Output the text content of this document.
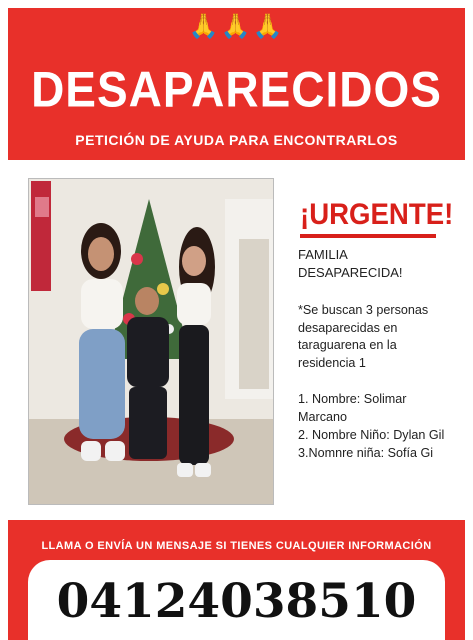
🙏🙏🙏
DESAPARECIDOS
PETICIÓN DE AYUDA PARA ENCONTRARLOS
¡URGENTE!
FAMILIA
DESAPARECIDA!
*Se buscan 3 personas
desaparecidas en
taraguarena en la
residencia 1
1. Nombre: Solimar
Marcano
2. Nombre Niño: Dylan Gil
3.Nomnre niña: Sofía Gi
LLAMA O ENVÍA UN MENSAJE SI TIENES CUALQUIER INFORMACIÓN
04124038510
